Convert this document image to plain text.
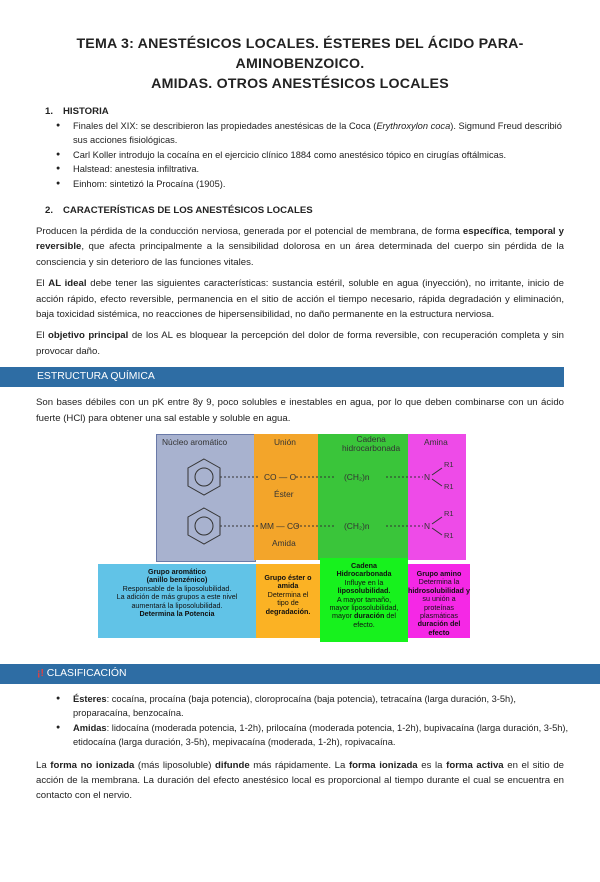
TEMA 3: ANESTÉSICOS LOCALES. ÉSTERES DEL ÁCIDO PARA-AMINOBENZOICO.
AMIDAS. OTROS ANESTÉSICOS LOCALES
1. HISTORIA
● Finales del XIX: se describieron las propiedades anestésicas de la Coca (Erythroxylon coca). Sigmund Freud describió sus acciones fisiológicas.
● Carl Koller introdujo la cocaína en el ejercicio clínico 1884 como anestésico tópico en cirugías oftálmicas.
● Halstead: anestesia infiltrativa.
● Einhom: sintetizó la Procaína (1905).
2. CARACTERÍSTICAS DE LOS ANESTÉSICOS LOCALES

Producen la pérdida de la conducción nerviosa, generada por el potencial de membrana, de forma específica, temporal y reversible, que afecta principalmente a la sensibilidad dolorosa en un área determinada del cuerpo sin pérdida de la consciencia y sin deterioro de las funciones vitales.

El AL ideal debe tener las siguientes características: sustancia estéril, soluble en agua (inyección), no irritante, inicio de acción rápido, efecto reversible, permanencia en el sitio de acción el tiempo necesario, rápida degradación y eliminación, baja toxicidad sistémica, no reacciones de hipersensibilidad, no daño permanente en la estructura nerviosa.

El objetivo principal de los AL es bloquear la percepción del dolor de forma reversible, con recuperación completa y sin provocar daño.

ESTRUCTURA QUÍMICA

Son bases débiles con un pK entre 8y 9, poco solubles e inestables en agua, por lo que deben combinarse con un ácido fuerte (HCl) para obtener una sal estable y soluble en agua.

Núcleo aromático	Unión	Cadena
hidrocarbonada
Amina
CO — O
Éster
MM — CO
Amida
(CH₂)n
(CH₂)n
N
N
R1
R1
R1
R1
Grupo aromático
(anillo benzénico)
Responsable de la liposolubilidad.
La adición de más grupos a este nivel
aumentará la liposolubilidad.
Determina la Potencia
Grupo éster o
amida
Determina el
tipo de
degradación.
Cadena
Hidrocarbonada
Influye en la
liposolubilidad.
A mayor tamaño,
mayor liposolubilidad,
mayor duración del
efecto.
Grupo amino
Determina la
hidrosolubilidad y
su unión a proteínas
plasmáticas
duración del efecto
¡! CLASIFICACIÓN
● Ésteres: cocaína, procaína (baja potencia), cloroprocaína (baja potencia), tetracaína (larga duración, 3-5h), proparacaína, benzocaína.
● Amidas: lidocaína (moderada potencia, 1-2h), prilocaína (moderada potencia, 1-2h), bupivacaína (larga duración, 3-5h), etidocaína (larga duración, 3-5h), mepivacaína (moderada, 1-2h), ropivacaína.

La forma no ionizada (más liposoluble) difunde más rápidamente. La forma ionizada es la forma activa en el sitio de acción de la membrana. La duración del efecto anestésico local es proporcional al tiempo durante el cual se encuentra en contacto con el nervio.
